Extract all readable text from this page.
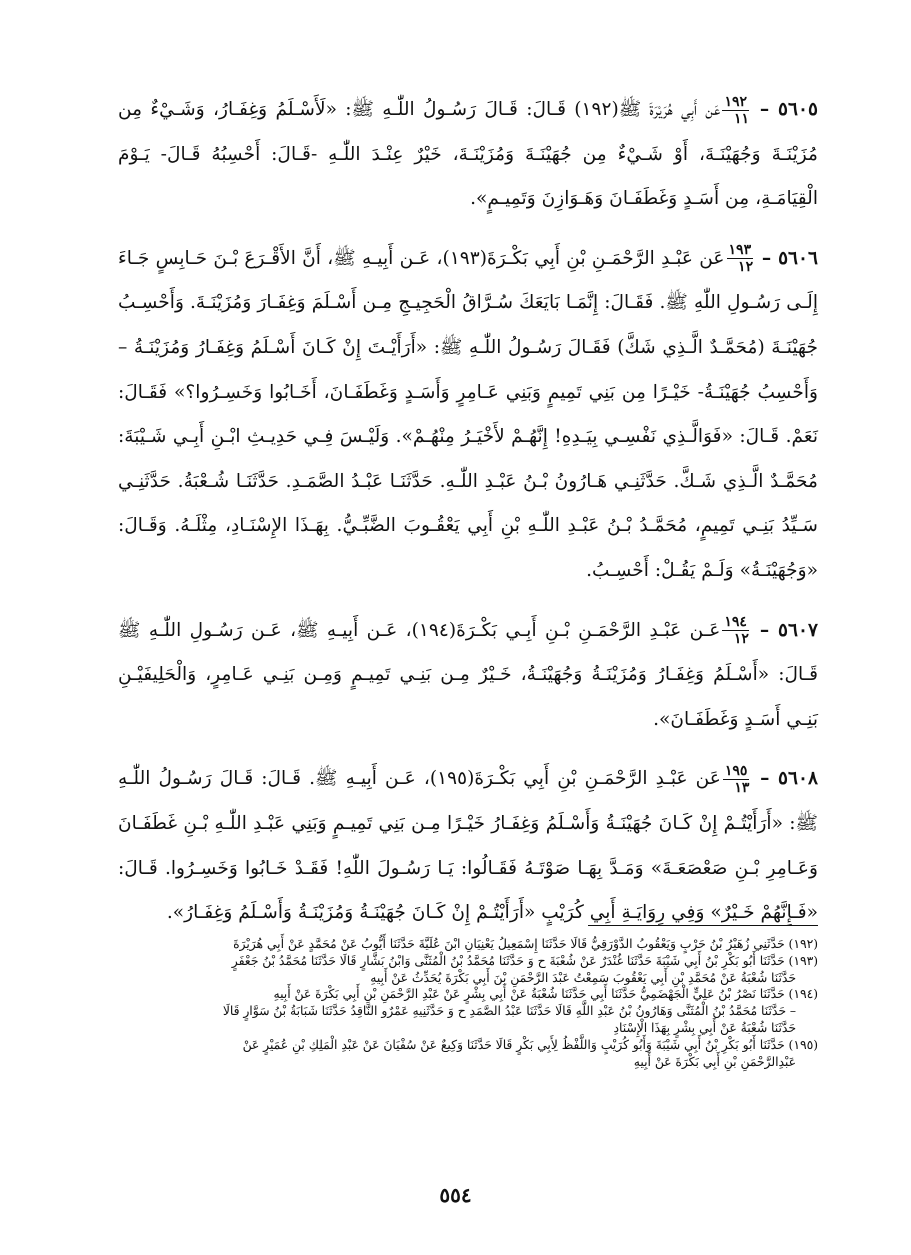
٥٦٠٥ –
$\frac{١٩٢}{١١}$
عَن أَبِي هُرَيْرَةَ ﷺ(١٩٢) قَـالَ: قَـالَ رَسُـولُ اللّٰـهِ ﷺ: «لَأَسْـلَمُ وَغِفَـارُ، وَشَـيْءٌ مِن مُزَيْنَـةَ وَجُهَيْنَـةَ، أَوْ شَـيْءٌ مِن جُهَيْنَـةَ وَمُزَيْنَـةَ، خَيْرٌ عِنْـدَ اللّٰـهِ -قَـالَ: أَحْسِبُهُ قَـالَ- يَـوْمَ الْقِيَامَـةِ، مِن أَسَـدٍ وَغَطَفَـانَ وَهَـوَازِنَ وَتَمِيـمٍ».

٥٦٠٦ –
$\frac{١٩٣}{١٢}$
عَن عَبْـدِ الرَّحْمَـنِ بْنِ أَبِي بَكْـرَةَ(١٩٣)، عَـن أَبِيـهِ ﷺ، أَنَّ الأَقْـرَعَ بْـنَ حَـابِسٍ جَـاءَ إِلَـى رَسُـولِ اللّٰهِ ﷺ. فَقَـالَ: إِنَّمَـا بَايَعَكَ سُـرَّاقُ الْحَجِيـجِ مِـن أَسْـلَمَ وَغِفَـارَ وَمُزَيْنَـةَ. وَأَحْسِـبُ جُهَيْنَـةَ (مُحَمَّـدٌ الَّـذِي شَكَّ) فَقَـالَ رَسُـولُ اللّٰـهِ ﷺ: «أَرَأَيْـتَ إِنْ كَـانَ أَسْـلَمُ وَغِفَـارُ وَمُزَيْنَـةُ – وَأَحْسِبُ جُهَيْنَـةُ- خَيْـرًا مِن بَنِي تَمِيمٍ وَبَنِي عَـامِرٍ وَأَسَـدٍ وَغَطَفَـانَ، أَخَـابُوا وَخَسِـرُوا؟» فَقَـالَ: نَعَمْ. قَـالَ: «فَوَالَّـذِي نَفْسِـي بِيَـدِهِ! إِنَّهُـمْ لأَخْيَـرُ مِنْهُـمْ». وَلَيْـسَ فِـي حَدِيـثِ ابْـنِ أَبِـي شَـيْبَةَ: مُحَمَّـدٌ الَّـذِي شَـكَّ. حَدَّثَنِـي هَـارُونُ بْـنُ عَبْـدِ اللّٰـهِ. حَدَّثَنَـا عَبْـدُ الصَّمَـدِ. حَدَّثَنَـا شُـعْبَةُ. حَدَّثَنِـي سَـيِّدُ بَنِـي تَمِيمٍ، مُحَمَّـدُ بْـنُ عَبْـدِ اللّٰـهِ بْنِ أَبِي يَعْقُـوبَ الضَّبِّـيُّ. بِهَـذَا الإِسْنَـادِ، مِثْلَـهُ. وَقَـالَ: «وَجُهَيْنَـةُ» وَلَـمْ يَقُـلْ: أَحْسِـبُ.

٥٦٠٧ –
$\frac{١٩٤}{١٢}$
عَـن عَبْـدِ الرَّحْمَـنِ بْـنِ أَبِـي بَكْـرَةَ(١٩٤)، عَـن أَبِيـهِ ﷺ، عَـن رَسُـولِ اللّٰـهِ ﷺ قَـالَ: «أَسْـلَمُ وَغِفَـارُ وَمُزَيْنَـةُ وَجُهَيْنَـةُ، خَـيْرٌ مِـن بَنِـي تَمِيـمٍ وَمِـن بَنِـي عَـامِرٍ، وَالْحَلِيفَيْـنِ بَنِـي أَسَـدٍ وَغَطَفَـانَ».

٥٦٠٨ –
$\frac{١٩٥}{١٣}$
عَن عَبْـدِ الرَّحْمَـنِ بْنِ أَبِي بَكْـرَةَ(١٩٥)، عَـن أَبِيـهِ ﷺ. قَـالَ: قَـالَ رَسُـولُ اللّٰـهِ ﷺ: «أَرَأَيْتُـمْ إِنْ كَـانَ جُهَيْنَـةُ وَأَسْـلَمُ وَغِفَـارُ خَيْـرًا مِـن بَنِي تَمِيـمٍ وَبَنِي عَبْـدِ اللّٰـهِ بْـنِ غَطَفَـانَ وَعَـامِرِ بْـنِ صَعْصَعَـةَ» وَمَـدَّ بِهَـا صَوْتَـهُ فَقَـالُوا: يَـا رَسُـولَ اللّٰهِ! فَقَـدْ خَـابُوا وَخَسِـرُوا. قَـالَ: «فَـإِنَّهُمْ خَـيْرٌ» وَفِي رِوَايَـةِ أَبِي كُرَيْبٍ «أَرَأَيْتُـمْ إِنْ كَـانَ جُهَيْنَـةُ وَمُزَيْنَـةُ وَأَسْـلَمُ وَغِفَـارُ».

(١٩٢) حَدَّثَنِي زُهَيْرُ بْنُ حَرْبٍ وَيَعْقُوبُ الدَّوْرَقِيُّ قَالَا حَدَّثَنَا إِسْمَعِيلُ يَعْنِيَانِ ابْنَ عُلَيَّةَ حَدَّثَنَا أَيُّوبُ عَنْ مُحَمَّدٍ عَنْ أَبِي هُرَيْرَةَ
(١٩٣) حَدَّثَنَا أَبُو بَكْرِ بْنُ أَبِي شَيْبَةَ حَدَّثَنَا غُنْدَرٌ عَنْ شُعْبَةَ ح وَ حَدَّثَنَا مُحَمَّدُ بْنُ الْمُثَنَّى وَابْنُ بَشَّارٍ قَالَا حَدَّثَنَا مُحَمَّدُ بْنُ جَعْفَرٍ
حَدَّثَنَا شُعْبَةُ عَنْ مُحَمَّدِ بْنِ أَبِي يَعْقُوبَ سَمِعْتُ عَبْدَ الرَّحْمَنِ بْنَ أَبِي بَكْرَةَ يُحَدِّثُ عَنْ أَبِيهِ
(١٩٤) حَدَّثَنَا نَصْرُ بْنُ عَلِيٍّ الْجَهْضَمِيُّ حَدَّثَنَا أَبِي حَدَّثَنَا شُعْبَةُ عَنْ أَبِي بِشْرٍ عَنْ عَبْدِ الرَّحْمَنِ بْنِ أَبِي بَكْرَةَ عَنْ أَبِيهِ
– حَدَّثَنَا مُحَمَّدُ بْنُ الْمُثَنَّى وَهَارُونُ بْنُ عَبْدِ اللَّهِ قَالَا حَدَّثَنَا عَبْدُ الصَّمَدِ ح وَ حَدَّثَنِيهِ عَمْرٌو النَّاقِدُ حَدَّثَنَا شَبَابَةُ بْنُ سَوَّارٍ قَالَا
حَدَّثَنَا شُعْبَةُ عَنْ أَبِي بِشْرٍ بِهَذَا الْإِسْنَادِ
(١٩٥) حَدَّثَنَا أَبُو بَكْرِ بْنُ أَبِي شَيْبَةَ وَأَبُو كُرَيْبٍ وَاللَّفْظُ لِأَبِي بَكْرٍ قَالَا حَدَّثَنَا وَكِيعٌ عَنْ سُفْيَانَ عَنْ عَبْدِ الْمَلِكِ بْنِ عُمَيْرٍ عَنْ
عَبْدِالرَّحْمَنِ بْنِ أَبِي بَكْرَةَ عَنْ أَبِيهِ
٥٥٤
